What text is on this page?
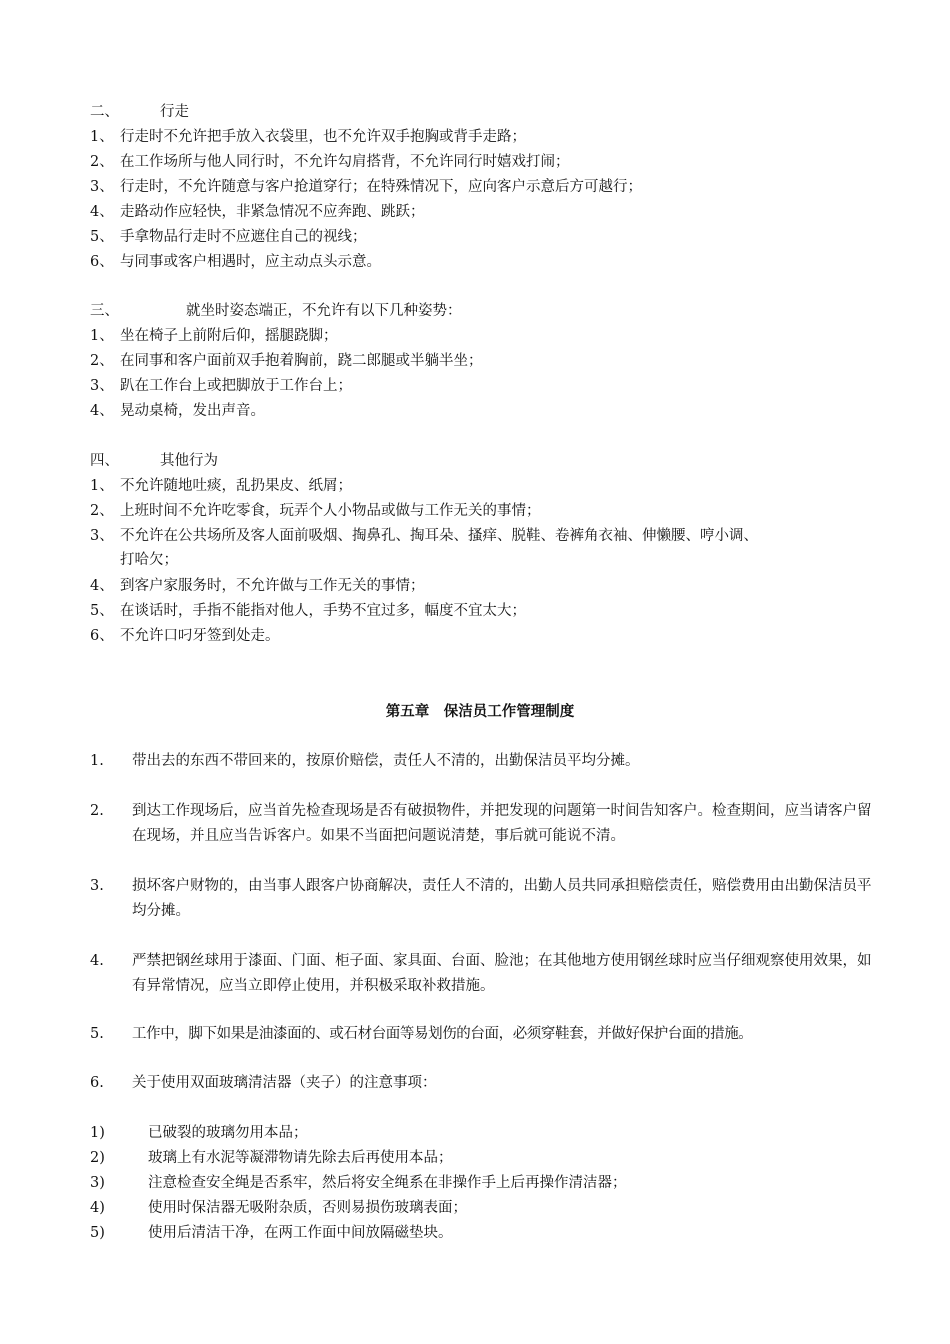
二、	行走
1、 行走时不允许把手放入衣袋里，也不允许双手抱胸或背手走路；
2、 在工作场所与他人同行时，不允许勾肩搭背，不允许同行时嬉戏打闹；
3、 行走时，不允许随意与客户抢道穿行；在特殊情况下，应向客户示意后方可越行；
4、 走路动作应轻快，非紧急情况不应奔跑、跳跃；
5、 手拿物品行走时不应遮住自己的视线；
6、 与同事或客户相遇时，应主动点头示意。
三、	就坐时姿态端正，不允许有以下几种姿势：
1、 坐在椅子上前附后仰，摇腿跷脚；
2、 在同事和客户面前双手抱着胸前，跷二郎腿或半躺半坐；
3、 趴在工作台上或把脚放于工作台上；
4、 晃动桌椅，发出声音。
四、	其他行为
1、 不允许随地吐痰，乱扔果皮、纸屑；
2、 上班时间不允许吃零食，玩弄个人小物品或做与工作无关的事情；
3、 不允许在公共场所及客人面前吸烟、掏鼻孔、掏耳朵、搔痒、脱鞋、卷裤角衣袖、伸懒腰、哼小调、
打哈欠；
4、 到客户家服务时，不允许做与工作无关的事情；
5、 在谈话时，手指不能指对他人，手势不宜过多，幅度不宜太大；
6、 不允许口叼牙签到处走。
第五章　保洁员工作管理制度
1.	带出去的东西不带回来的，按原价赔偿，责任人不清的，出勤保洁员平均分摊。
2.	到达工作现场后，应当首先检查现场是否有破损物件，并把发现的问题第一时间告知客户。检查期间，应当请客户留在现场，并且应当告诉客户。如果不当面把问题说清楚，事后就可能说不清。
3.	损坏客户财物的，由当事人跟客户协商解决，责任人不清的，出勤人员共同承担赔偿责任，赔偿费用由出勤保洁员平均分摊。
4.	严禁把钢丝球用于漆面、门面、柜子面、家具面、台面、脸池；在其他地方使用钢丝球时应当仔细观察使用效果，如有异常情况，应当立即停止使用，并积极采取补救措施。
5.	工作中，脚下如果是油漆面的、或石材台面等易划伤的台面，必须穿鞋套，并做好保护台面的措施。
6.	关于使用双面玻璃清洁器（夹子）的注意事项：
1)	已破裂的玻璃勿用本品；
2)	玻璃上有水泥等凝滞物请先除去后再使用本品；
3)	注意检查安全绳是否系牢，然后将安全绳系在非操作手上后再操作清洁器；
4)	使用时保洁器无吸附杂质，否则易损伤玻璃表面；
5)	使用后清洁干净，在两工作面中间放隔磁垫块。
